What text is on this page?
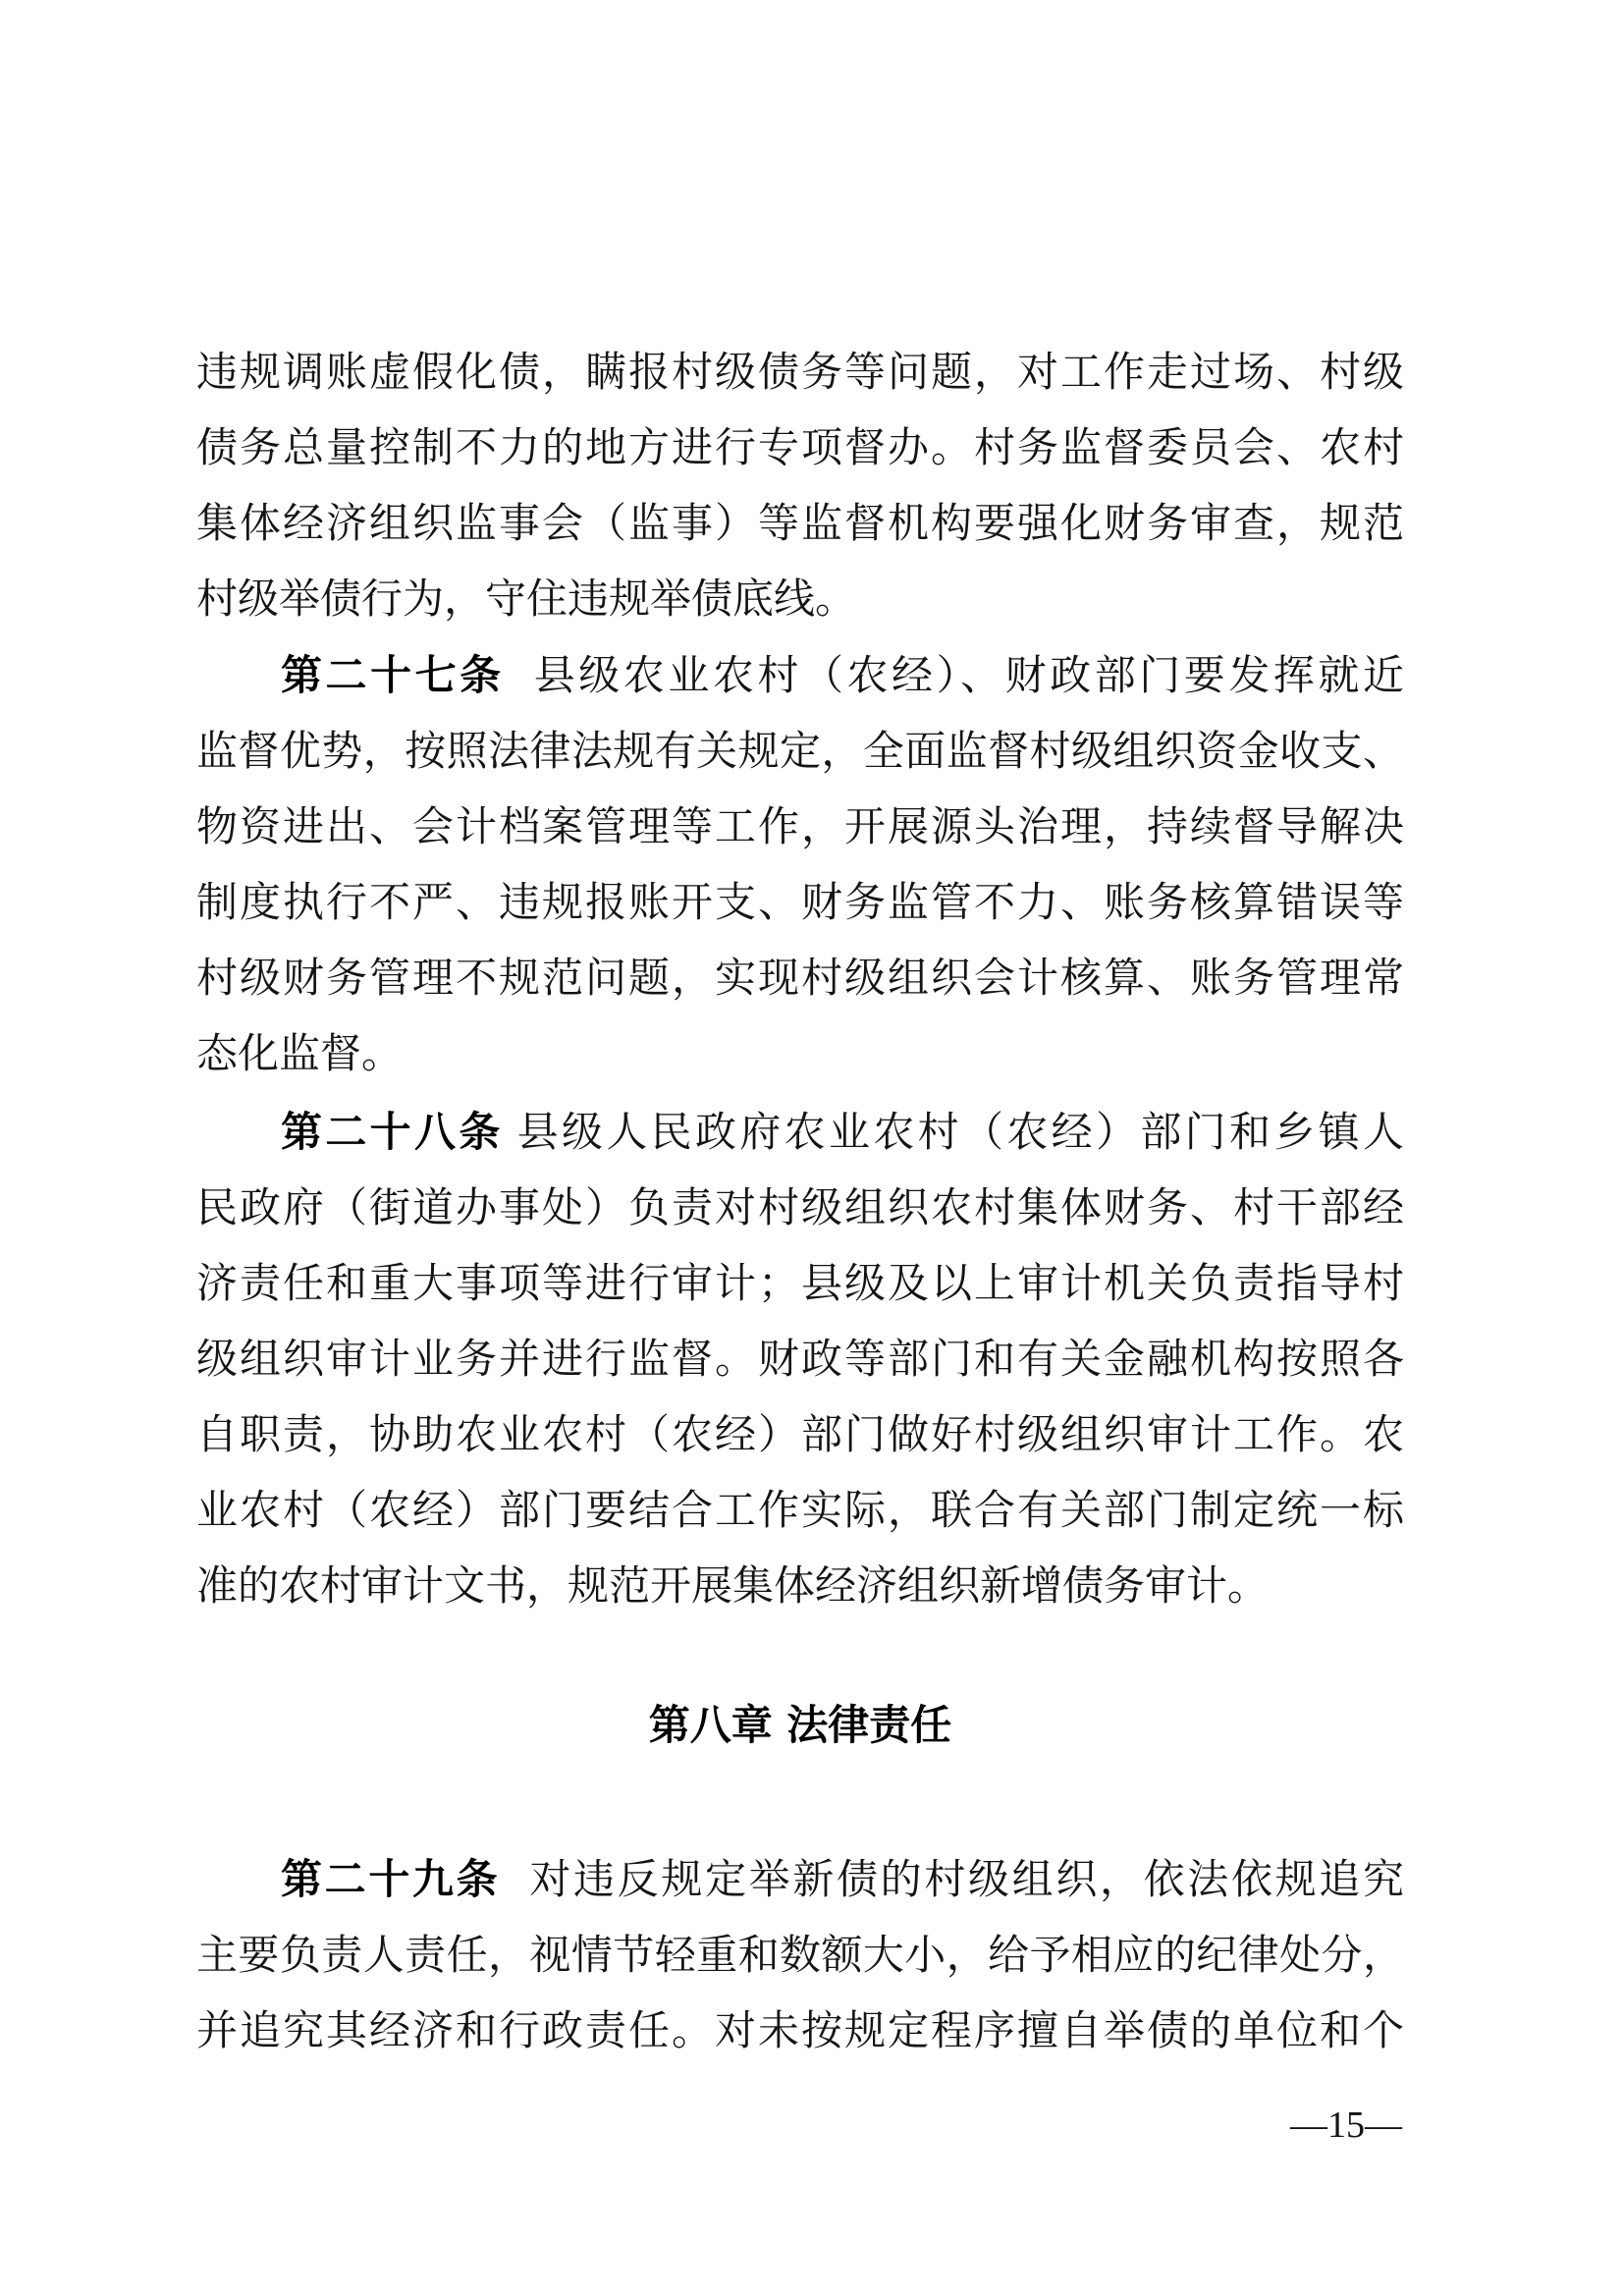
违规调账虚假化债，瞒报村级债务等问题，对工作走过场、村级
债务总量控制不力的地方进行专项督办。村务监督委员会、农村
集体经济组织监事会（监事）等监督机构要强化财务审查，规范
村级举债行为，守住违规举债底线。
第二十七条 县级农业农村（农经）、财政部门要发挥就近
监督优势，按照法律法规有关规定，全面监督村级组织资金收支、
物资进出、会计档案管理等工作，开展源头治理，持续督导解决
制度执行不严、违规报账开支、财务监管不力、账务核算错误等
村级财务管理不规范问题，实现村级组织会计核算、账务管理常
态化监督。
第二十八条 县级人民政府农业农村（农经）部门和乡镇人
民政府（街道办事处）负责对村级组织农村集体财务、村干部经
济责任和重大事项等进行审计；县级及以上审计机关负责指导村
级组织审计业务并进行监督。财政等部门和有关金融机构按照各
自职责，协助农业农村（农经）部门做好村级组织审计工作。农
业农村（农经）部门要结合工作实际，联合有关部门制定统一标
准的农村审计文书，规范开展集体经济组织新增债务审计。
第八章 法律责任
第二十九条 对违反规定举新债的村级组织，依法依规追究
主要负责人责任，视情节轻重和数额大小，给予相应的纪律处分，
并追究其经济和行政责任。对未按规定程序擅自举债的单位和个
—15—
